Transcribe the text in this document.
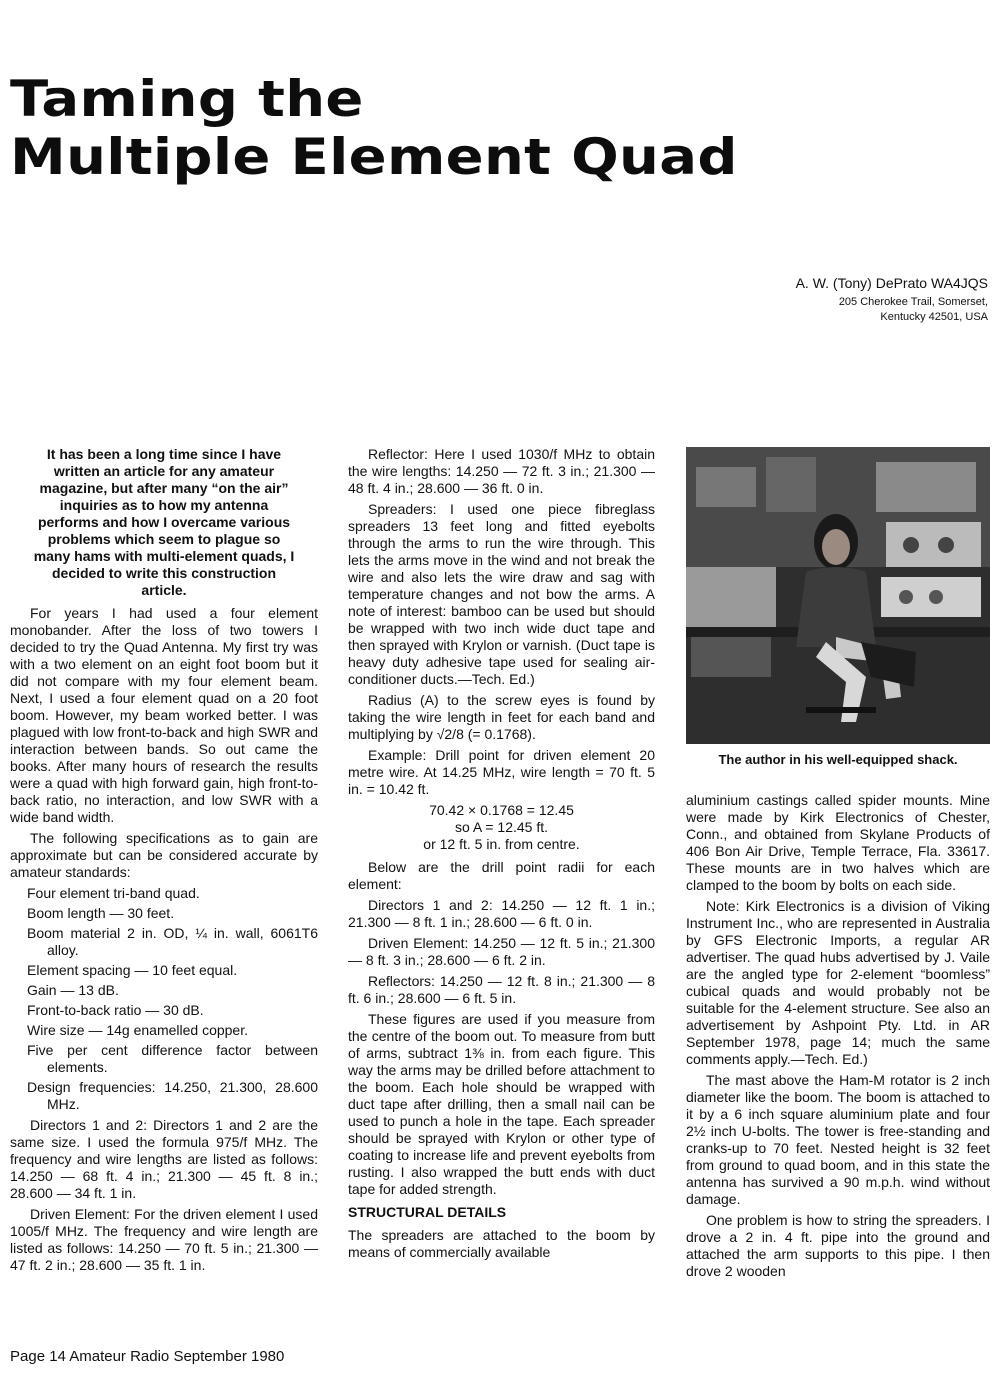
Taming the
Multiple Element Quad
A. W. (Tony) DePrato WA4JQS
205 Cherokee Trail, Somerset,
Kentucky 42501, USA
It has been a long time since I have written an article for any amateur magazine, but after many “on the air” inquiries as to how my antenna performs and how I overcame various problems which seem to plague so many hams with multi-element quads, I decided to write this construction article.

For years I had used a four element monobander. After the loss of two towers I decided to try the Quad Antenna. My first try was with a two element on an eight foot boom but it did not compare with my four element beam. Next, I used a four element quad on a 20 foot boom. However, my beam worked better. I was plagued with low front-to-back and high SWR and interaction between bands. So out came the books. After many hours of research the results were a quad with high forward gain, high front-to-back ratio, no interaction, and low SWR with a wide band width.

The following specifications as to gain are approximate but can be considered accurate by amateur standards:

Four element tri-band quad.
Boom length — 30 feet.
Boom material 2 in. OD, ¼ in. wall, 6061T6 alloy.
Element spacing — 10 feet equal.
Gain — 13 dB.
Front-to-back ratio — 30 dB.
Wire size — 14g enamelled copper.
Five per cent difference factor between elements.
Design frequencies: 14.250, 21.300, 28.600 MHz.

Directors 1 and 2: Directors 1 and 2 are the same size. I used the formula 975/f MHz. The frequency and wire lengths are listed as follows: 14.250 — 68 ft. 4 in.; 21.300 — 45 ft. 8 in.; 28.600 — 34 ft. 1 in.

Driven Element: For the driven element I used 1005/f MHz. The frequency and wire length are listed as follows: 14.250 — 70 ft. 5 in.; 21.300 — 47 ft. 2 in.; 28.600 — 35 ft. 1 in.

Reflector: Here I used 1030/f MHz to obtain the wire lengths: 14.250 — 72 ft. 3 in.; 21.300 — 48 ft. 4 in.; 28.600 — 36 ft. 0 in.

Spreaders: I used one piece fibreglass spreaders 13 feet long and fitted eyebolts through the arms to run the wire through. This lets the arms move in the wind and not break the wire and also lets the wire draw and sag with temperature changes and not bow the arms. A note of interest: bamboo can be used but should be wrapped with two inch wide duct tape and then sprayed with Krylon or varnish. (Duct tape is heavy duty adhesive tape used for sealing air-conditioner ducts.—Tech. Ed.)

Radius (A) to the screw eyes is found by taking the wire length in feet for each band and multiplying by √2/8 (= 0.1768).

Example: Drill point for driven element 20 metre wire. At 14.25 MHz, wire length = 70 ft. 5 in. = 10.42 ft.

70.42 × 0.1768 = 12.45
so A = 12.45 ft.
or 12 ft. 5 in. from centre.

Below are the drill point radii for each element:

Directors 1 and 2: 14.250 — 12 ft. 1 in.; 21.300 — 8 ft. 1 in.; 28.600 — 6 ft. 0 in.

Driven Element: 14.250 — 12 ft. 5 in.; 21.300 — 8 ft. 3 in.; 28.600 — 6 ft. 2 in.

Reflectors: 14.250 — 12 ft. 8 in.; 21.300 — 8 ft. 6 in.; 28.600 — 6 ft. 5 in.

These figures are used if you measure from the centre of the boom out. To measure from butt of arms, subtract 1⅜ in. from each figure. This way the arms may be drilled before attachment to the boom. Each hole should be wrapped with duct tape after drilling, then a small nail can be used to punch a hole in the tape. Each spreader should be sprayed with Krylon or other type of coating to increase life and prevent eyebolts from rusting. I also wrapped the butt ends with duct tape for added strength.

STRUCTURAL DETAILS

The spreaders are attached to the boom by means of commercially available

The author in his well-equipped shack.

aluminium castings called spider mounts. Mine were made by Kirk Electronics of Chester, Conn., and obtained from Skylane Products of 406 Bon Air Drive, Temple Terrace, Fla. 33617. These mounts are in two halves which are clamped to the boom by bolts on each side.

Note: Kirk Electronics is a division of Viking Instrument Inc., who are represented in Australia by GFS Electronic Imports, a regular AR advertiser. The quad hubs advertised by J. Vaile are the angled type for 2-element “boomless” cubical quads and would probably not be suitable for the 4-element structure. See also an advertisement by Ashpoint Pty. Ltd. in AR September 1978, page 14; much the same comments apply.—Tech. Ed.)

The mast above the Ham-M rotator is 2 inch diameter like the boom. The boom is attached to it by a 6 inch square aluminium plate and four 2½ inch U-bolts. The tower is free-standing and cranks-up to 70 feet. Nested height is 32 feet from ground to quad boom, and in this state the antenna has survived a 90 m.p.h. wind without damage.

One problem is how to string the spreaders. I drove a 2 in. 4 ft. pipe into the ground and attached the arm supports to this pipe. I then drove 2 wooden

Page 14 Amateur Radio September 1980
